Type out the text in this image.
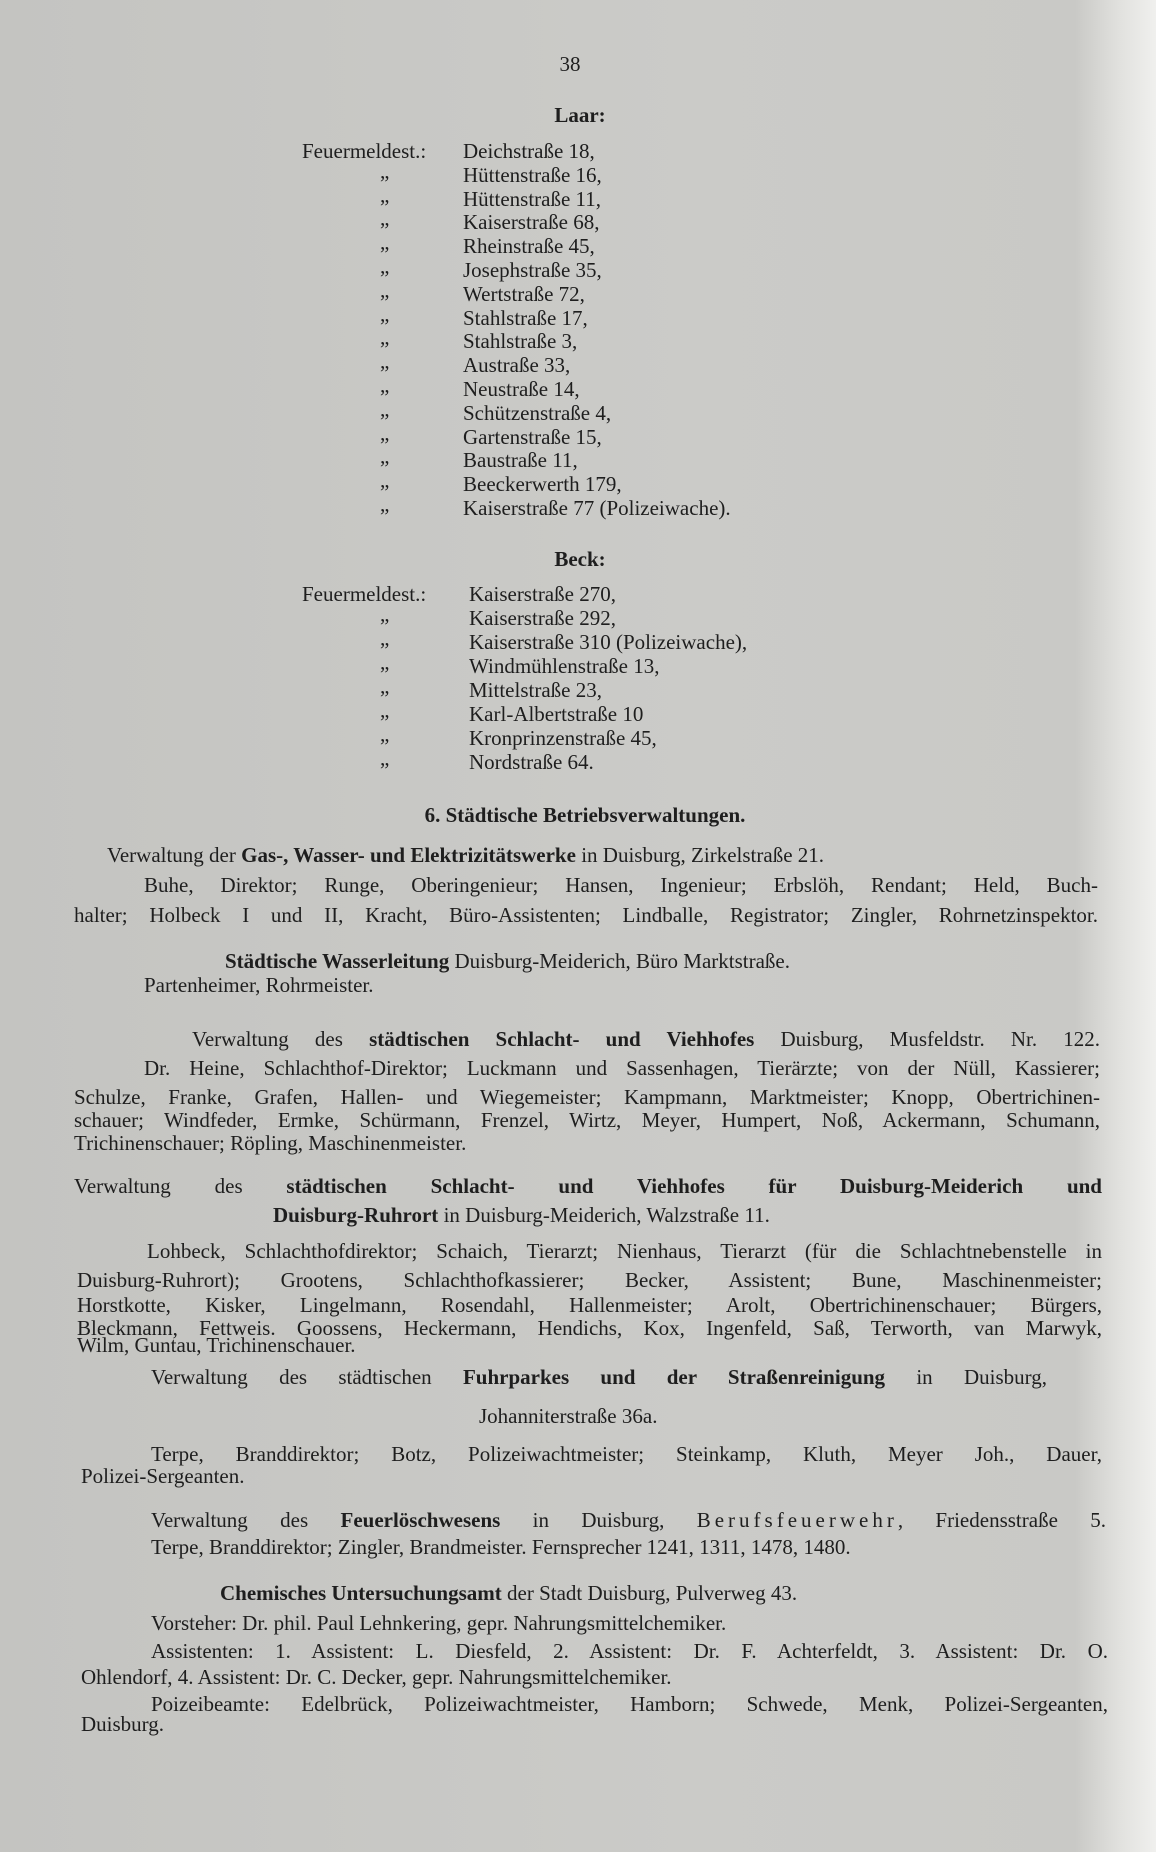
38
Laar:
Beck:
Feuermeldest.: Deichstraße 18,
„	Hüttenstraße 16,
„	Hüttenstraße 11,
„	Kaiserstraße 68,
„	Rheinstraße 45,
„	Josephstraße 35,
„	Wertstraße 72,
„	Stahlstraße 17,
„	Stahlstraße 3,
„	Austraße 33,
„	Neustraße 14,
„	Schützenstraße 4,
„	Gartenstraße 15,
„	Baustraße 11,
„	Beeckerwerth 179,
„	Kaiserstraße 77 (Polizeiwache).
Feuermeldest.: Kaiserstraße 270,
„	Kaiserstraße 292,
„	Kaiserstraße 310 (Polizeiwache),
„	Windmühlenstraße 13,
„	Mittelstraße 23,
„	Karl-Albertstraße 10
„	Kronprinzenstraße 45,
„	Nordstraße 64.
6. Städtische Betriebsverwaltungen.
Verwaltung der Gas-, Wasser- und Elektrizitätswerke in Duisburg, Zirkelstraße 21.
Buhe, Direktor; Runge, Oberingenieur; Hansen, Ingenieur; Erbslöh, Rendant; Held, Buch-
halter; Holbeck I und II, Kracht, Büro-Assistenten; Lindballe, Registrator; Zingler, Rohrnetzinspektor.
Städtische Wasserleitung Duisburg-Meiderich, Büro Marktstraße.
Partenheimer, Rohrmeister.
Verwaltung des städtischen Schlacht- und Viehhofes Duisburg, Musfeldstr. Nr. 122.
Dr. Heine, Schlachthof-Direktor; Luckmann und Sassenhagen, Tierärzte; von der Nüll, Kassierer;
Schulze, Franke, Grafen, Hallen- und Wiegemeister; Kampmann, Marktmeister; Knopp, Obertrichinen-
schauer; Windfeder, Ermke, Schürmann, Frenzel, Wirtz, Meyer, Humpert, Noß, Ackermann, Schumann,
Trichinenschauer; Röpling, Maschinenmeister.
Verwaltung des städtischen Schlacht- und Viehhofes für Duisburg-Meiderich und
Duisburg-Ruhrort in Duisburg-Meiderich, Walzstraße 11.
Lohbeck, Schlachthofdirektor; Schaich, Tierarzt; Nienhaus, Tierarzt (für die Schlachtnebenstelle in
Duisburg-Ruhrort); Grootens, Schlachthofkassierer; Becker, Assistent; Bune, Maschinenmeister;
Horstkotte, Kisker, Lingelmann, Rosendahl, Hallenmeister; Arolt, Obertrichinenschauer; Bürgers,
Bleckmann, Fettweis. Goossens, Heckermann, Hendichs, Kox, Ingenfeld, Saß, Terworth, van Marwyk,
Wilm, Guntau, Trichinenschauer.
Verwaltung des städtischen Fuhrparkes und der Straßenreinigung in Duisburg,
Johanniterstraße 36a.
Terpe, Branddirektor; Botz, Polizeiwachtmeister; Steinkamp, Kluth, Meyer Joh., Dauer,
Polizei-Sergeanten.
Verwaltung des Feuerlöschwesens in Duisburg, Berufsfeuerwehr, Friedensstraße 5.
Terpe, Branddirektor; Zingler, Brandmeister. Fernsprecher 1241, 1311, 1478, 1480.
Chemisches Untersuchungsamt der Stadt Duisburg, Pulverweg 43.
Vorsteher: Dr. phil. Paul Lehnkering, gepr. Nahrungsmittelchemiker.
Assistenten: 1. Assistent: L. Diesfeld, 2. Assistent: Dr. F. Achterfeldt, 3. Assistent: Dr. O.
Ohlendorf, 4. Assistent: Dr. C. Decker, gepr. Nahrungsmittelchemiker.
Poizeibeamte: Edelbrück, Polizeiwachtmeister, Hamborn; Schwede, Menk, Polizei-Sergeanten,
Duisburg.
